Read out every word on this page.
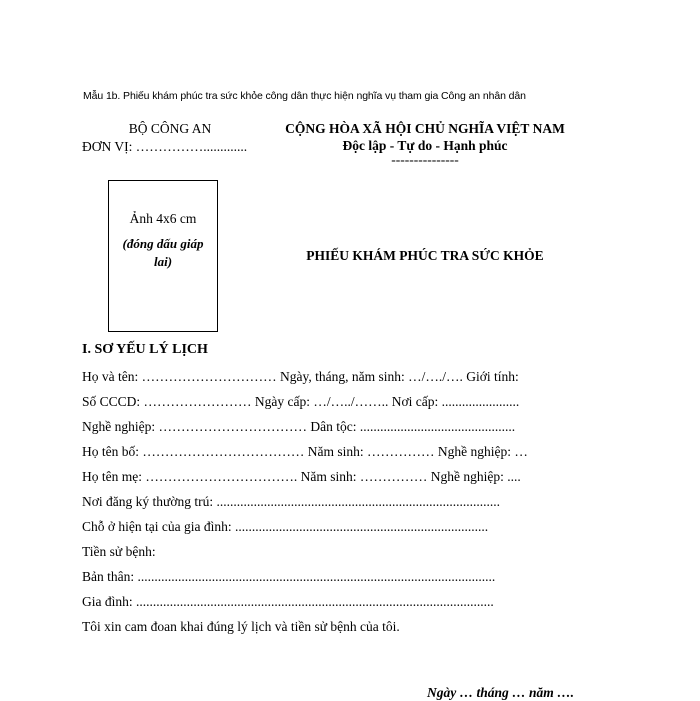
Mẫu 1b. Phiếu khám phúc tra sức khỏe công dân thực hiện nghĩa vụ tham gia Công an nhân dân
BỘ CÔNG AN
ĐƠN VỊ: …………….............
CỘNG HÒA XÃ HỘI CHỦ NGHĨA VIỆT NAM
Độc lập - Tự do - Hạnh phúc
---------------
Ảnh 4x6 cm
(đóng dấu giáp lai)	PHIẾU KHÁM PHÚC TRA SỨC KHỎE
I. SƠ YẾU LÝ LỊCH
Họ và tên: ………………………… Ngày, tháng, năm sinh: …/…./…. Giới tính:
Số CCCD: …………………… Ngày cấp: …/…../…….. Nơi cấp: .......................
Nghề nghiệp: …………………………… Dân tộc: ..............................................
Họ tên bố: ……………………………… Năm sinh: …………… Nghề nghiệp: …
Họ tên mẹ: ……………………………. Năm sinh: …………… Nghề nghiệp: ....
Nơi đăng ký thường trú: ....................................................................................
Chỗ ở hiện tại của gia đình: ...........................................................................
Tiền sử bệnh:
Bản thân: ..........................................................................................................
Gia đình: ..........................................................................................................
Tôi xin cam đoan khai đúng lý lịch và tiền sử bệnh của tôi.
Ngày … tháng … năm ….
